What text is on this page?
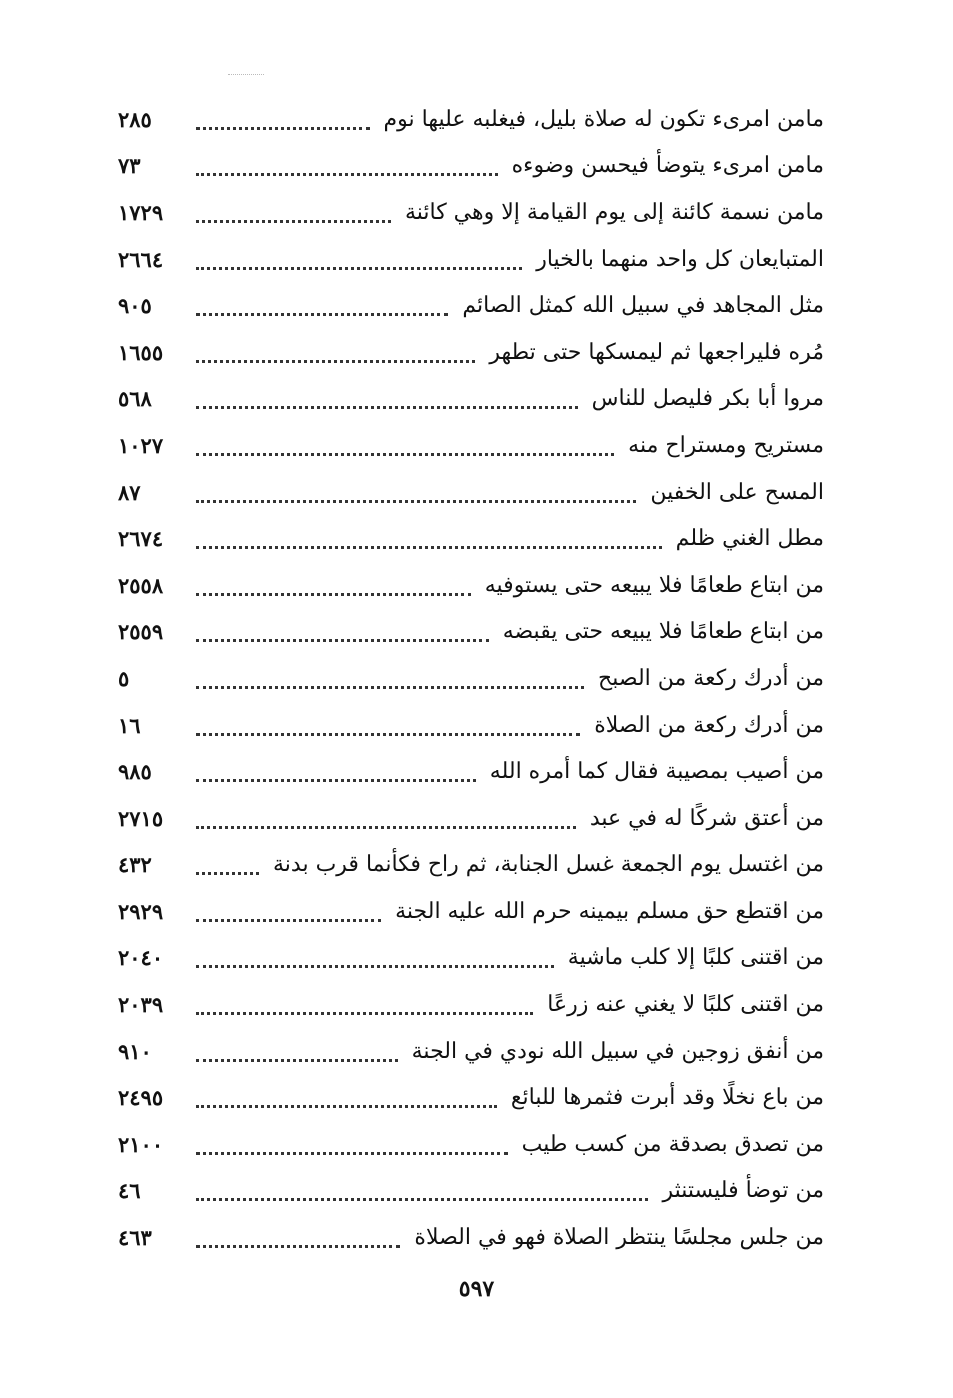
٢٨٥	مامن امرىء تكون له صلاة بليل، فيغلبه عليها نوم
٧٣	مامن امرىء يتوضأ فيحسن وضوءه
١٧٢٩	مامن نسمة كائنة إلى يوم القيامة إلا وهي كائنة
٢٦٦٤	المتبايعان كل واحد منهما بالخيار
٩٠٥	مثل المجاهد في سبيل الله كمثل الصائم
١٦٥٥	مُره فليراجعها ثم ليمسكها حتى تطهر
٥٦٨	مروا أبا بكر فليصل للناس
١٠٢٧	مستريح ومستراح منه
٨٧	المسح على الخفين
٢٦٧٤	مطل الغني ظلم
٢٥٥٨	من ابتاع طعامًا فلا يبيعه حتى يستوفيه
٢٥٥٩	من ابتاع طعامًا فلا يبيعه حتى يقبضه
٥	من أدرك ركعة من الصبح
١٦	من أدرك ركعة من الصلاة
٩٨٥	من أصيب بمصيبة فقال كما أمره الله
٢٧١٥	من أعتق شركًا له في عبد
٤٣٢	من اغتسل يوم الجمعة غسل الجنابة، ثم راح فكأنما قرب بدنة
٢٩٢٩	من اقتطع حق مسلم بيمينه حرم الله عليه الجنة
٢٠٤٠	من اقتنى كلبًا إلا كلب ماشية
٢٠٣٩	من اقتنى كلبًا لا يغني عنه زرعًا
٩١٠	من أنفق زوجين في سبيل الله نودي في الجنة
٢٤٩٥	من باع نخلًا وقد أبرت فثمرها للبائع
٢١٠٠	من تصدق بصدقة من كسب طيب
٤٦	من توضأ فليستنثر
٤٦٣	من جلس مجلسًا ينتظر الصلاة فهو في الصلاة
٥٩٧
